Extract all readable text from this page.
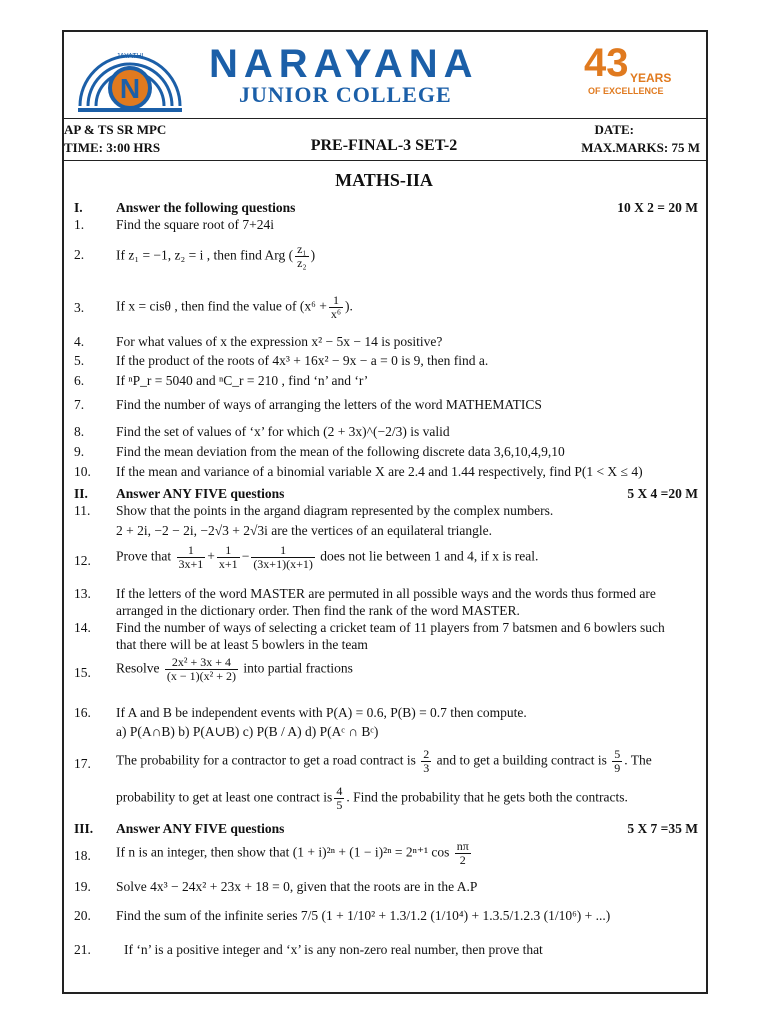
N
JAYATHI NARAYANA
JUNIOR COLLEGE
43 YEARS
OF EXCELLENCE
AP & TS SR MPC	DATE:
TIME: 3:00 HRS	PRE-FINAL-3 SET-2	MAX.MARKS: 75 M
MATHS-IIA
I. Answer the following questions	10 X 2 = 20 M
1. Find the square root of 7+24i
2. If z₁ = −1, z₂ = i , then find Arg ( $\frac{\text{z₁}}{\text{z₂}}$ )
3. If x = cisθ , then find the value of ($x^6 + \frac{1}{\text{x⁶}}$ ).
4. For what values of x the expression x² − 5x − 14 is positive?
5. If the product of the roots of 4x³ + 16x² − 9x − a = 0 is 9, then find a.
6. If ⁿP_r = 5040 and ⁿC_r = 210 , find ‘n’ and ‘r’
7. Find the number of ways of arranging the letters of the word MATHEMATICS
8. Find the set of values of ‘x’ for which (2 + 3x)^(−2/3) is valid
9. Find the mean deviation from the mean of the following discrete data 3,6,10,4,9,10
10. If the mean and variance of a binomial variable X are 2.4 and 1.44 respectively, find P(1 < X ≤ 4)
II. Answer ANY FIVE questions	5 X 4 =20 M
11. Show that the points in the argand diagram represented by the complex numbers.
2 + 2i, −2 − 2i, −2√3 + 2√3i are the vertices of an equilateral triangle.
12. Prove that $\frac{1}{3x+1} + \frac{1}{x+1} - \frac{1}{(3x+1)(x+1)}$ does not lie between 1 and 4, if x is real.
13. If the letters of the word MASTER are permuted in all possible ways and the words thus formed are
arranged in the dictionary order. Then find the rank of the word MASTER.
14. Find the number of ways of selecting a cricket team of 11 players from 7 batsmen and 6 bowlers such
that there will be at least 5 bowlers in the team
15. Resolve $\frac{\text{2x² + 3x + 4}}{\text{(x − 1)(x² + 2)}}$ into partial fractions
16. If A and B be independent events with P(A) = 0.6, P(B) = 0.7 then compute.
a) P(A∩B) b) P(A∪B) c) P(B / A) d) P(Aᶜ ∩ Bᶜ)
17. The probability for a contractor to get a road contract is $\frac{2}{3}$ and to get a building contract is $\frac{5}{9}$ . The
probability to get at least one contract is $\frac{4}{5}$ . Find the probability that he gets both the contracts.
III. Answer ANY FIVE questions	5 X 7 =35 M
18. If n is an integer, then show that (1 + i)²ⁿ + (1 − i)²ⁿ = 2ⁿ⁺¹ $\cos \frac{n\pi}{2}$
19. Solve 4x³ − 24x² + 23x + 18 = 0, given that the roots are in the A.P
20. Find the sum of the infinite series 7/5 (1 + 1/10² + 1.3/1.2 (1/10⁴) + 1.3.5/1.2.3 (1/10⁶) + ...)
21. If ‘n’ is a positive integer and ‘x’ is any non-zero real number, then prove that
